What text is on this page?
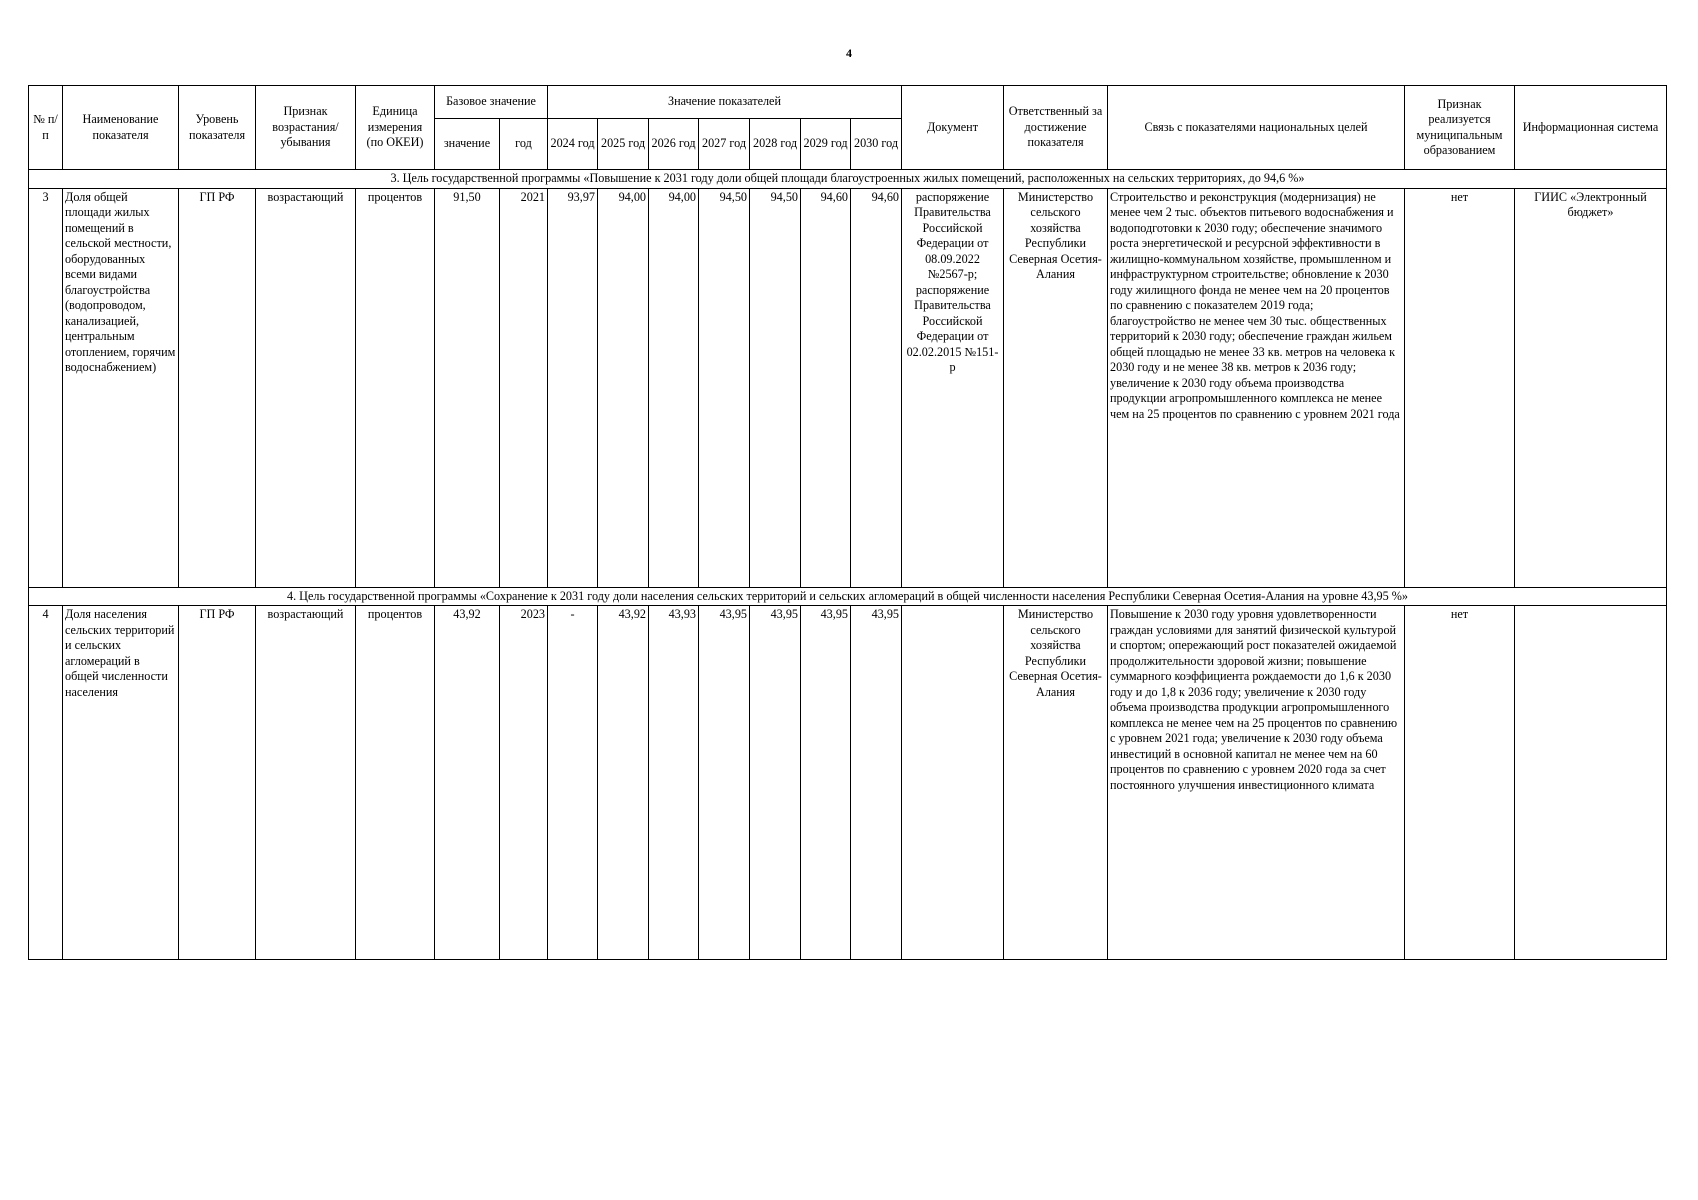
4
№ п/п	Наименование показателя	Уровень показателя	Признак возрастания/ убывания	Единица измерения (по ОКЕИ)	Базовое значение		Значение показателей							Документ	Ответственный за достижение показателя	Связь с показателями национальных целей	Признак реализуется муниципальным образованием	Информационная система
					значение	год	2024 год	2025 год	2026 год	2027 год	2028 год	2029 год	2030 год					
3. Цель государственной программы «Повышение к 2031 году доли общей площади благоустроенных жилых помещений, расположенных на сельских территориях, до 94,6 %»																		
3	Доля общей площади жилых помещений в сельской местности, оборудованных всеми видами благоустройства (водопроводом, канализацией, центральным отоплением, горячим водоснабжением)	ГП РФ	возрастающий	процентов	91,50	2021	93,97	94,00	94,00	94,50	94,50	94,60	94,60	распоряжение Правительства Российской Федерации от 08.09.2022 №2567-р; распоряжение Правительства Российской Федерации от 02.02.2015 №151-р	Министерство сельского хозяйства Республики Северная Осетия-Алания	Строительство и реконструкция (модернизация) не менее чем 2 тыс. объектов питьевого водоснабжения и водоподготовки к 2030 году; обеспечение значимого роста энергетической и ресурсной эффективности в жилищно-коммунальном хозяйстве, промышленном и инфраструктурном строительстве; обновление к 2030 году жилищного фонда не менее чем на 20 процентов по сравнению с показателем 2019 года; благоустройство не менее чем 30 тыс. общественных территорий к 2030 году; обеспечение граждан жильем общей площадью не менее 33 кв. метров на человека к 2030 году и не менее 38 кв. метров к 2036 году; увеличение к 2030 году объема производства продукции агропромышленного комплекса не менее чем на 25 процентов по сравнению с уровнем 2021 года	нет	ГИИС «Электронный бюджет»
4. Цель государственной программы «Сохранение к 2031 году доли населения сельских территорий и сельских агломераций в общей численности населения Республики Северная Осетия-Алания на уровне 43,95 %»																		
4	Доля населения сельских территорий и сельских агломераций в общей численности населения	ГП РФ	возрастающий	процентов	43,92	2023	-	43,92	43,93	43,95	43,95	43,95	43,95		Министерство сельского хозяйства Республики Северная Осетия-Алания	Повышение к 2030 году уровня удовлетворенности граждан условиями для занятий физической культурой и спортом; опережающий рост показателей ожидаемой продолжительности здоровой жизни; повышение суммарного коэффициента рождаемости до 1,6 к 2030 году и до 1,8 к 2036 году; увеличение к 2030 году объема производства продукции агропромышленного комплекса не менее чем на 25 процентов по сравнению с уровнем 2021 года; увеличение к 2030 году объема инвестиций в основной капитал не менее чем на 60 процентов по сравнению с уровнем 2020 года за счет постоянного улучшения инвестиционного климата	нет	
